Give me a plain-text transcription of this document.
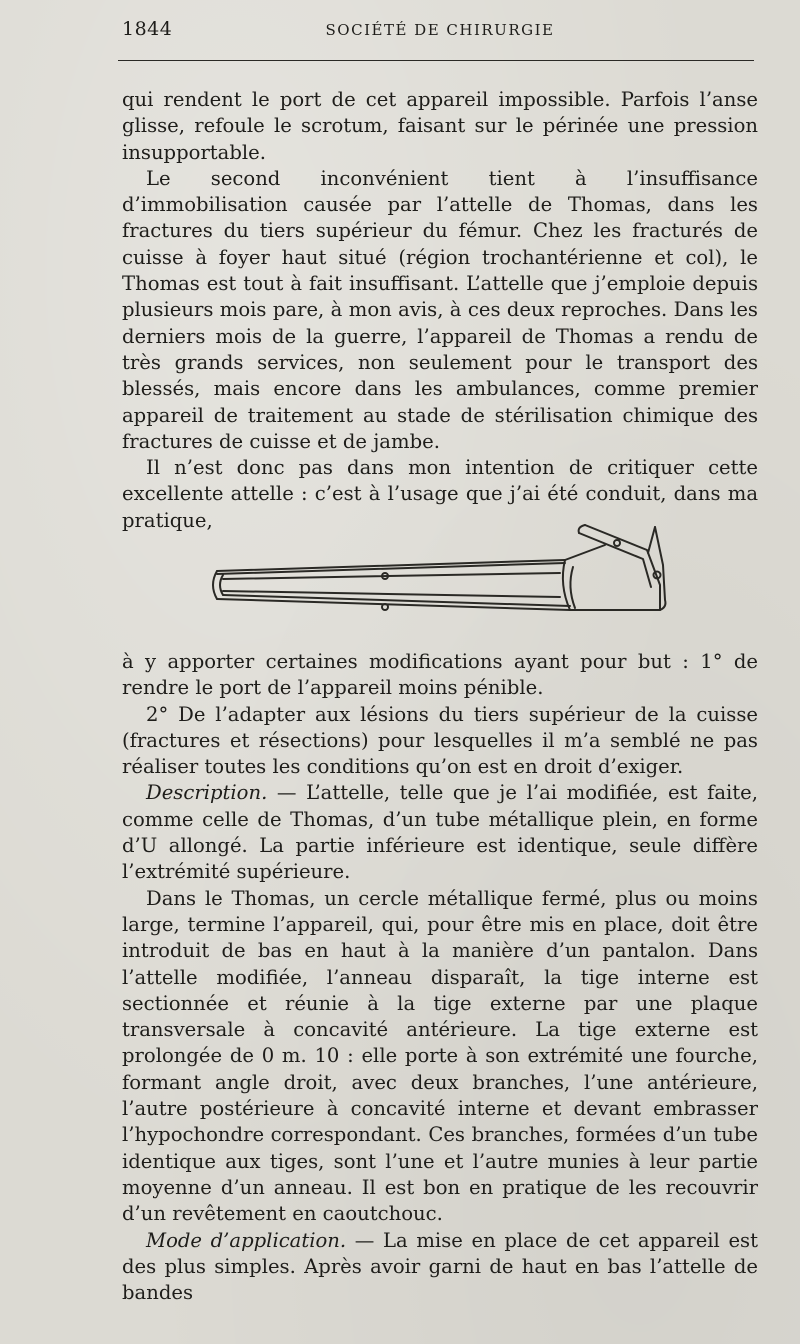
1844	SOCIÉTÉ DE CHIRURGIE

qui rendent le port de cet appareil impossible. Parfois l’anse glisse, refoule le scrotum, faisant sur le périnée une pression insupportable.

Le second inconvénient tient à l’insuffisance d’immobilisation causée par l’attelle de Thomas, dans les fractures du tiers supérieur du fémur. Chez les fracturés de cuisse à foyer haut situé (région trochantérienne et col), le Thomas est tout à fait insuffisant. L’attelle que j’emploie depuis plusieurs mois pare, à mon avis, à ces deux reproches. Dans les derniers mois de la guerre, l’appareil de Thomas a rendu de très grands services, non seulement pour le transport des blessés, mais encore dans les ambulances, comme premier appareil de traitement au stade de stérilisation chimique des fractures de cuisse et de jambe.

Il n’est donc pas dans mon intention de critiquer cette excellente attelle : c’est à l’usage que j’ai été conduit, dans ma pratique,

à y apporter certaines modifications ayant pour but : 1° de rendre le port de l’appareil moins pénible.

2° De l’adapter aux lésions du tiers supérieur de la cuisse (fractures et résections) pour lesquelles il m’a semblé ne pas réaliser toutes les conditions qu’on est en droit d’exiger.

Description. — L’attelle, telle que je l’ai modifiée, est faite, comme celle de Thomas, d’un tube métallique plein, en forme d’U allongé. La partie inférieure est identique, seule diffère l’extrémité supérieure.

Dans le Thomas, un cercle métallique fermé, plus ou moins large, termine l’appareil, qui, pour être mis en place, doit être introduit de bas en haut à la manière d’un pantalon. Dans l’attelle modifiée, l’anneau disparaît, la tige interne est sectionnée et réunie à la tige externe par une plaque transversale à concavité antérieure. La tige externe est prolongée de 0 m. 10 : elle porte à son extrémité une fourche, formant angle droit, avec deux branches, l’une antérieure, l’autre postérieure à concavité interne et devant embrasser l’hypochondre correspondant. Ces branches, formées d’un tube identique aux tiges, sont l’une et l’autre munies à leur partie moyenne d’un anneau. Il est bon en pratique de les recouvrir d’un revêtement en caoutchouc.

Mode d’application. — La mise en place de cet appareil est des plus simples. Après avoir garni de haut en bas l’attelle de bandes
